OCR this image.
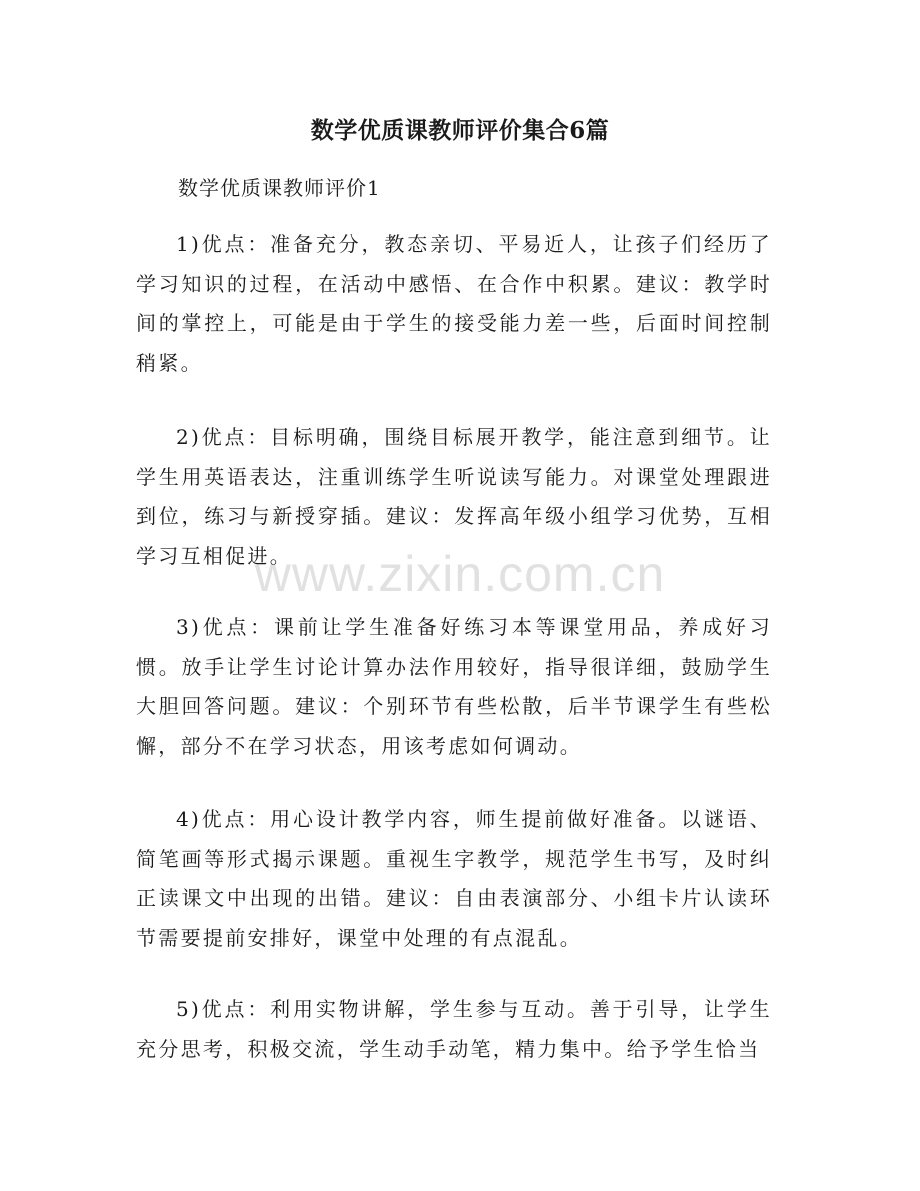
数学优质课教师评价集合6篇
数学优质课教师评价1

1)优点：准备充分，教态亲切、平易近人，让孩子们经历了学习知识的过程，在活动中感悟、在合作中积累。建议：教学时间的掌控上，可能是由于学生的接受能力差一些，后面时间控制稍紧。

2)优点：目标明确，围绕目标展开教学，能注意到细节。让学生用英语表达，注重训练学生听说读写能力。对课堂处理跟进到位，练习与新授穿插。建议：发挥高年级小组学习优势，互相学习互相促进。

3)优点：课前让学生准备好练习本等课堂用品，养成好习惯。放手让学生讨论计算办法作用较好，指导很详细，鼓励学生大胆回答问题。建议：个别环节有些松散，后半节课学生有些松懈，部分不在学习状态，用该考虑如何调动。

4)优点：用心设计教学内容，师生提前做好准备。以谜语、简笔画等形式揭示课题。重视生字教学，规范学生书写，及时纠正读课文中出现的出错。建议：自由表演部分、小组卡片认读环节需要提前安排好，课堂中处理的有点混乱。

5)优点：利用实物讲解，学生参与互动。善于引导，让学生充分思考，积极交流，学生动手动笔，精力集中。给予学生恰当

www.zixin.com.cn
